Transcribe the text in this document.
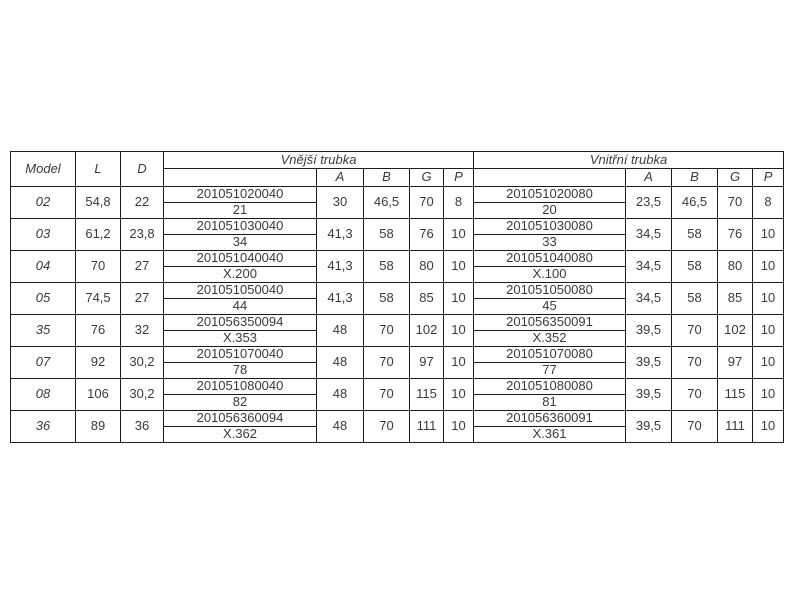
Model	L	D	Vnější trubka					Vnitřní trubka				
				A	B	G	P		A	B	G	P
02	54,8	22	201051020040	30	46,5	70	8	201051020080	23,5	46,5	70	8
			21					20				
03	61,2	23,8	201051030040	41,3	58	76	10	201051030080	34,5	58	76	10
			34					33				
04	70	27	201051040040	41,3	58	80	10	201051040080	34,5	58	80	10
			X.200					X.100				
05	74,5	27	201051050040	41,3	58	85	10	201051050080	34,5	58	85	10
			44					45				
35	76	32	201056350094	48	70	102	10	201056350091	39,5	70	102	10
			X.353					X.352				
07	92	30,2	201051070040	48	70	97	10	201051070080	39,5	70	97	10
			78					77				
08	106	30,2	201051080040	48	70	115	10	201051080080	39,5	70	115	10
			82					81				
36	89	36	201056360094	48	70	111	10	201056360091	39,5	70	111	10
			X.362					X.361				
